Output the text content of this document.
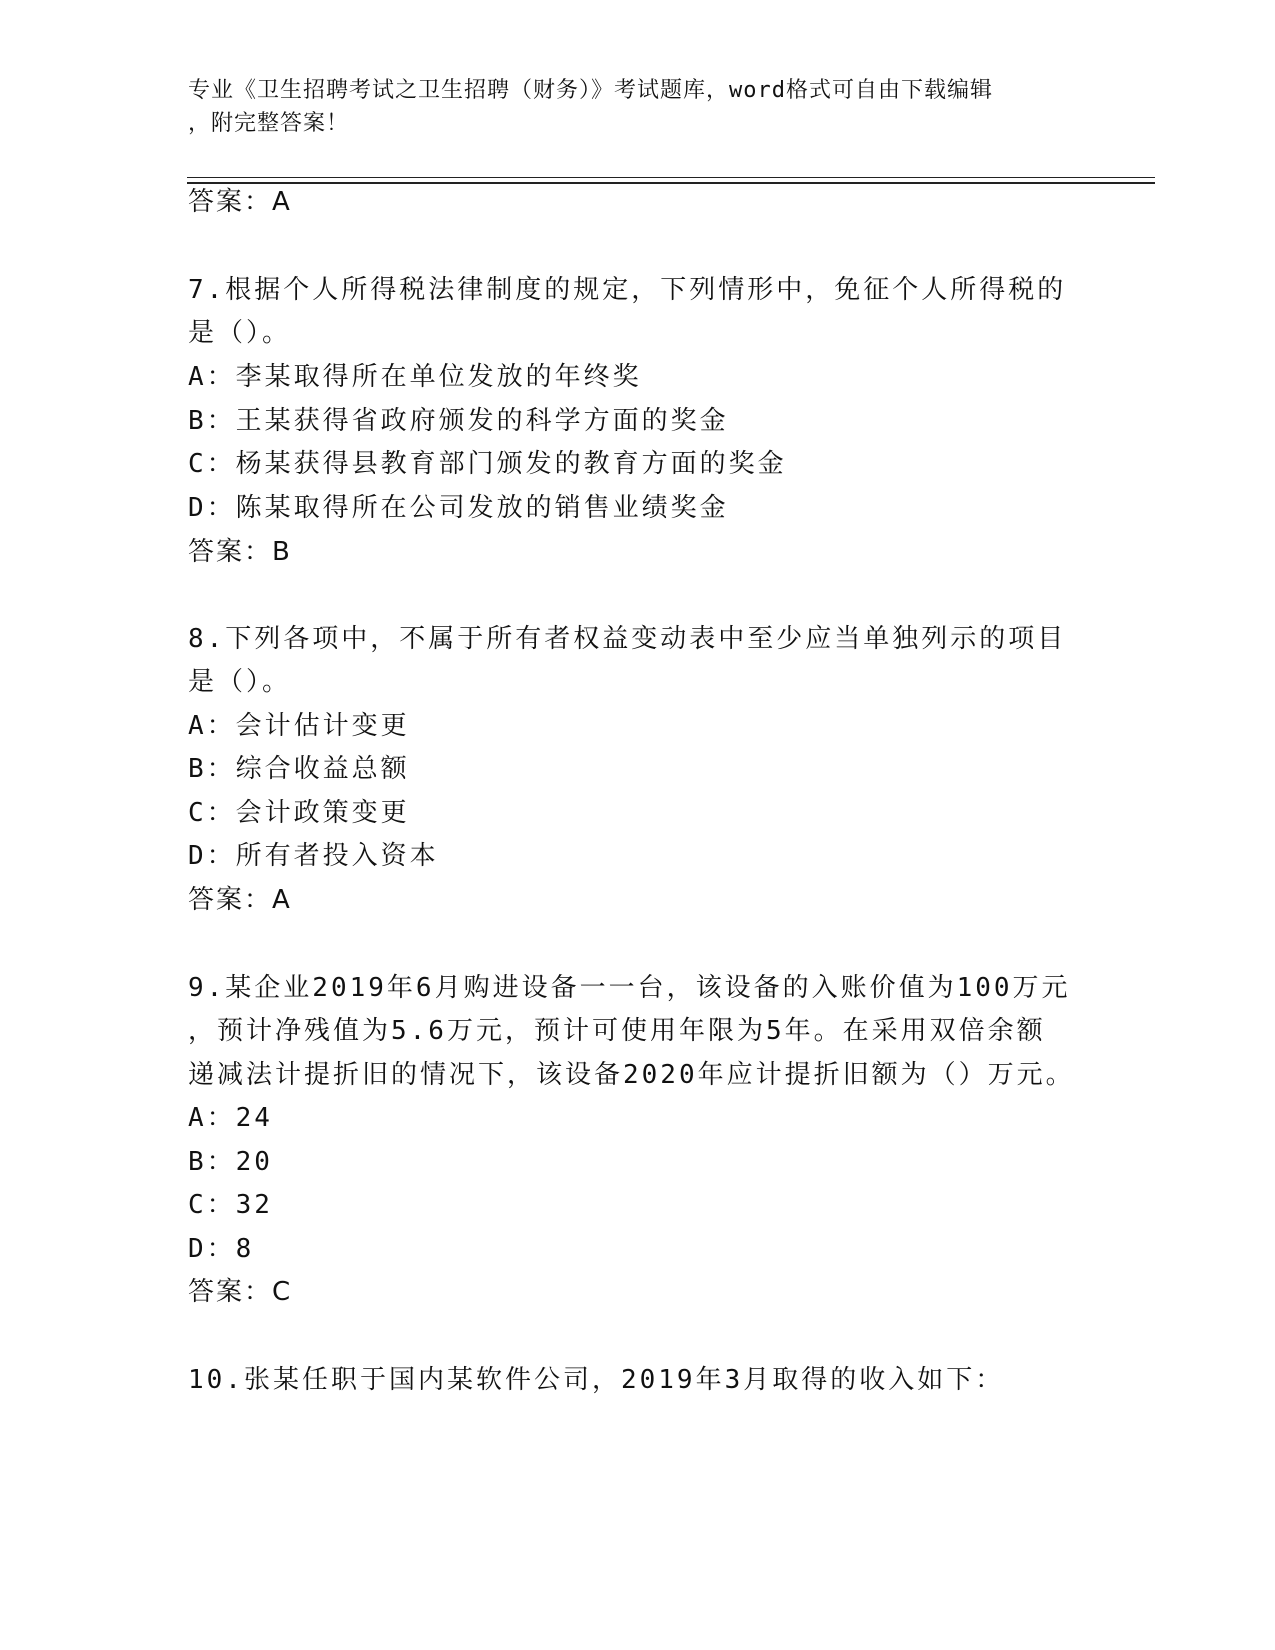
专业《卫生招聘考试之卫生招聘（财务）》考试题库，word格式可自由下载编辑
，附完整答案！
答案：A
7.根据个人所得税法律制度的规定，下列情形中，免征个人所得税的
是（）。
A：李某取得所在单位发放的年终奖
B：王某获得省政府颁发的科学方面的奖金
C：杨某获得县教育部门颁发的教育方面的奖金
D：陈某取得所在公司发放的销售业绩奖金
答案：B
8.下列各项中，不属于所有者权益变动表中至少应当单独列示的项目
是（）。
A：会计估计变更
B：综合收益总额
C：会计政策变更
D：所有者投入资本
答案：A
9.某企业2019年6月购进设备一一台，该设备的入账价值为100万元
，预计净残值为5.6万元，预计可使用年限为5年。在采用双倍余额
递减法计提折旧的情况下，该设备2020年应计提折旧额为（）万元。
A：24
B：20
C：32
D：8
答案：C
10.张某任职于国内某软件公司，2019年3月取得的收入如下：
